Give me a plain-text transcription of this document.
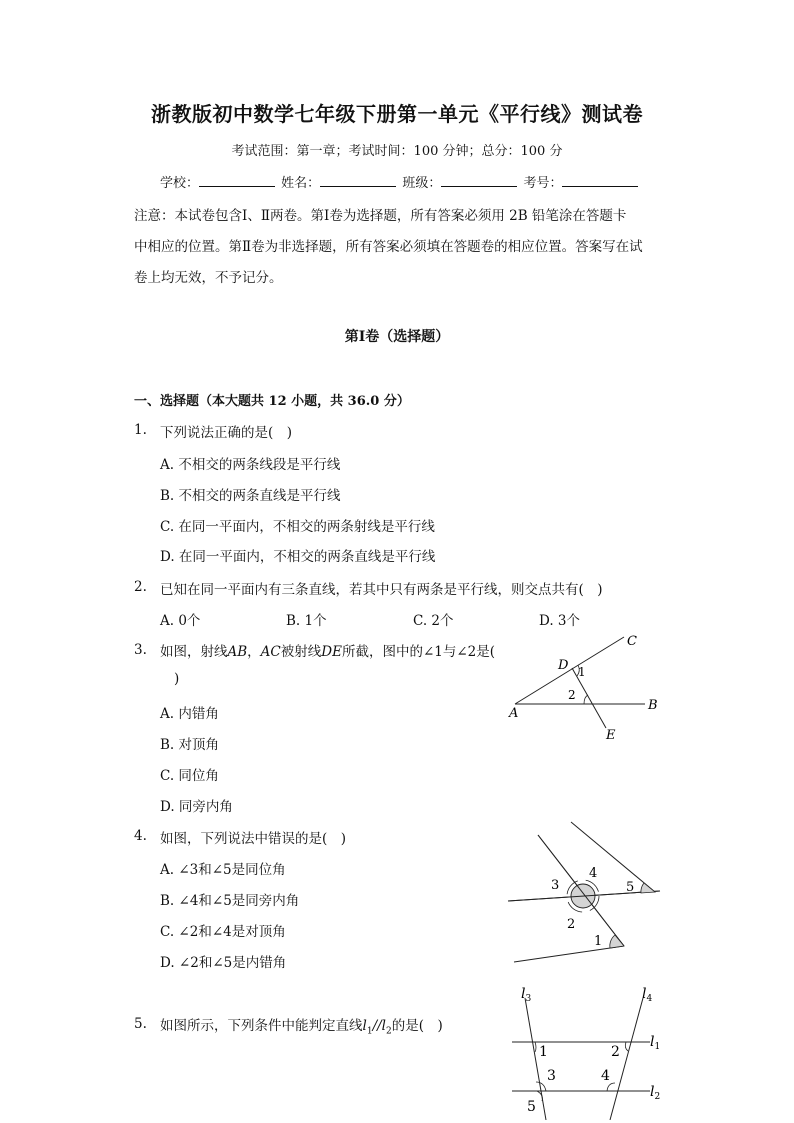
浙教版初中数学七年级下册第一单元《平行线》测试卷
考试范围：第一章；考试时间：100 分钟；总分：100 分
学校：	姓名：	班级：	考号：
注意：本试卷包含Ⅰ、Ⅱ两卷。第Ⅰ卷为选择题，所有答案必须用 2B 铅笔涂在答题卡
中相应的位置。第Ⅱ卷为非选择题，所有答案必须填在答题卷的相应位置。答案写在试
卷上均无效，不予记分。
第Ⅰ卷（选择题）
一、选择题（本大题共 12 小题，共 36.0 分）
1. 下列说法正确的是(　)
A. 不相交的两条线段是平行线
B. 不相交的两条直线是平行线
C. 在同一平面内，不相交的两条射线是平行线
D. 在同一平面内，不相交的两条直线是平行线
2. 已知在同一平面内有三条直线，若其中只有两条是平行线，则交点共有(　)
A. 0个	B. 1个	C. 2个	D. 3个
3. 如图，射线AB，AC被射线DE所截，图中的∠1与∠2是(
)
A. 内错角
B. 对顶角
C. 同位角
D. 同旁内角
C
D 1
2
A
B
E
4. 如图，下列说法中错误的是(　)
A. ∠3和∠5是同位角
B. ∠4和∠5是同旁内角
C. ∠2和∠4是对顶角
D. ∠2和∠5是内错角
4
3	5
2
1
5. 如图所示，下列条件中能判定直线$l_1//l_2$的是(　)
$l_3$	$l_4$
$l_1$
$l_2$
1	2
3	4
5
